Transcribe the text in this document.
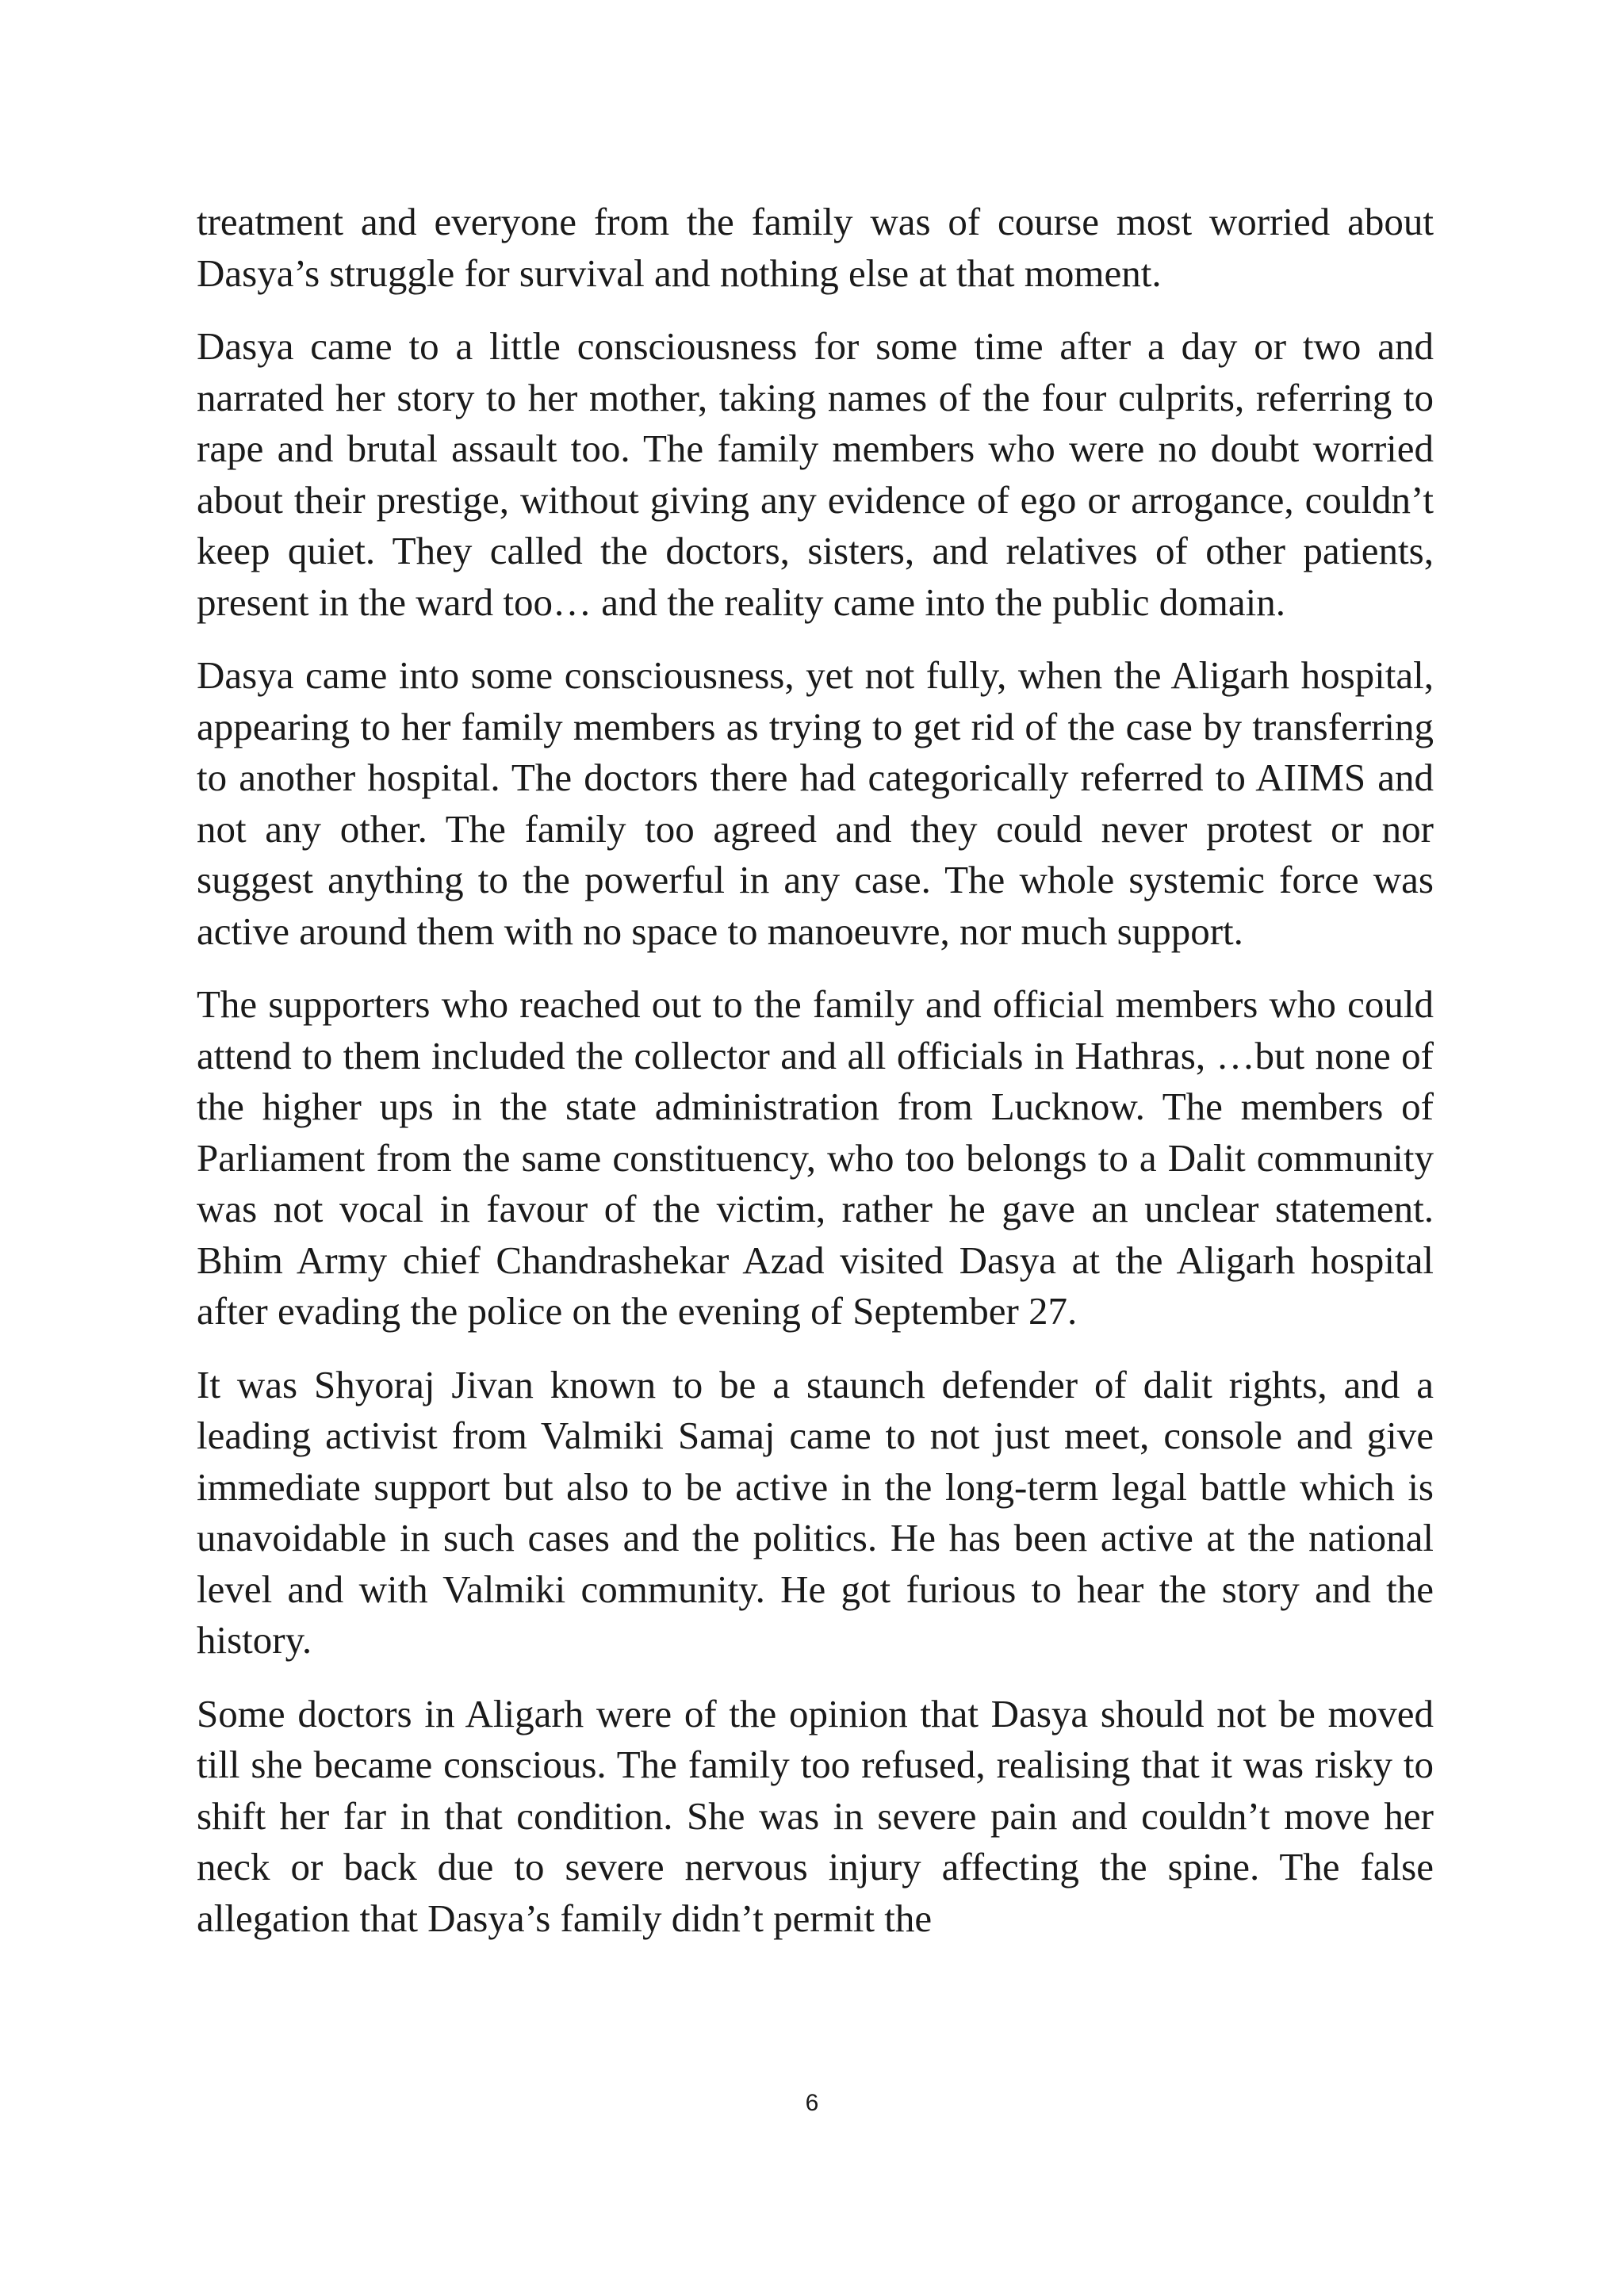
treatment and everyone from the family was of course most worried about Dasya’s struggle for survival and nothing else at that moment.

Dasya came to a little consciousness for some time after a day or two and narrated her story to her mother, taking names of the four culprits, referring to rape and brutal assault too. The family members who were no doubt worried about their prestige, without giving any evidence of ego or arrogance, couldn’t keep quiet. They called the doctors, sisters, and relatives of other patients, present in the ward too… and the reality came into the public domain.

Dasya came into some consciousness, yet not fully, when the Aligarh hospital, appearing to her family members as trying to get rid of the case by transferring to another hospital. The doctors there had categorically referred to AIIMS and not any other. The family too agreed and they could never protest or nor suggest anything to the powerful in any case. The whole systemic force was active around them with no space to manoeuvre, nor much support.

The supporters who reached out to the family and official members who could attend to them included the collector and all officials in Hathras, …but none of the higher ups in the state administration from Lucknow. The members of Parliament from the same constituency, who too belongs to a Dalit community was not vocal in favour of the victim, rather he gave an unclear statement. Bhim Army chief Chandrashekar Azad visited Dasya at the Aligarh hospital after evading the police on the evening of September 27.

It was Shyoraj Jivan known to be a staunch defender of dalit rights, and a leading activist from Valmiki Samaj came to not just meet, console and give immediate support but also to be active in the long-term legal battle which is unavoidable in such cases and the politics. He has been active at the national level and with Valmiki community. He got furious to hear the story and the history.

Some doctors in Aligarh were of the opinion that Dasya should not be moved till she became conscious. The family too refused, realising that it was risky to shift her far in that condition. She was in severe pain and couldn’t move her neck or back due to severe nervous injury affecting the spine. The false allegation that Dasya’s family didn’t permit the

6
